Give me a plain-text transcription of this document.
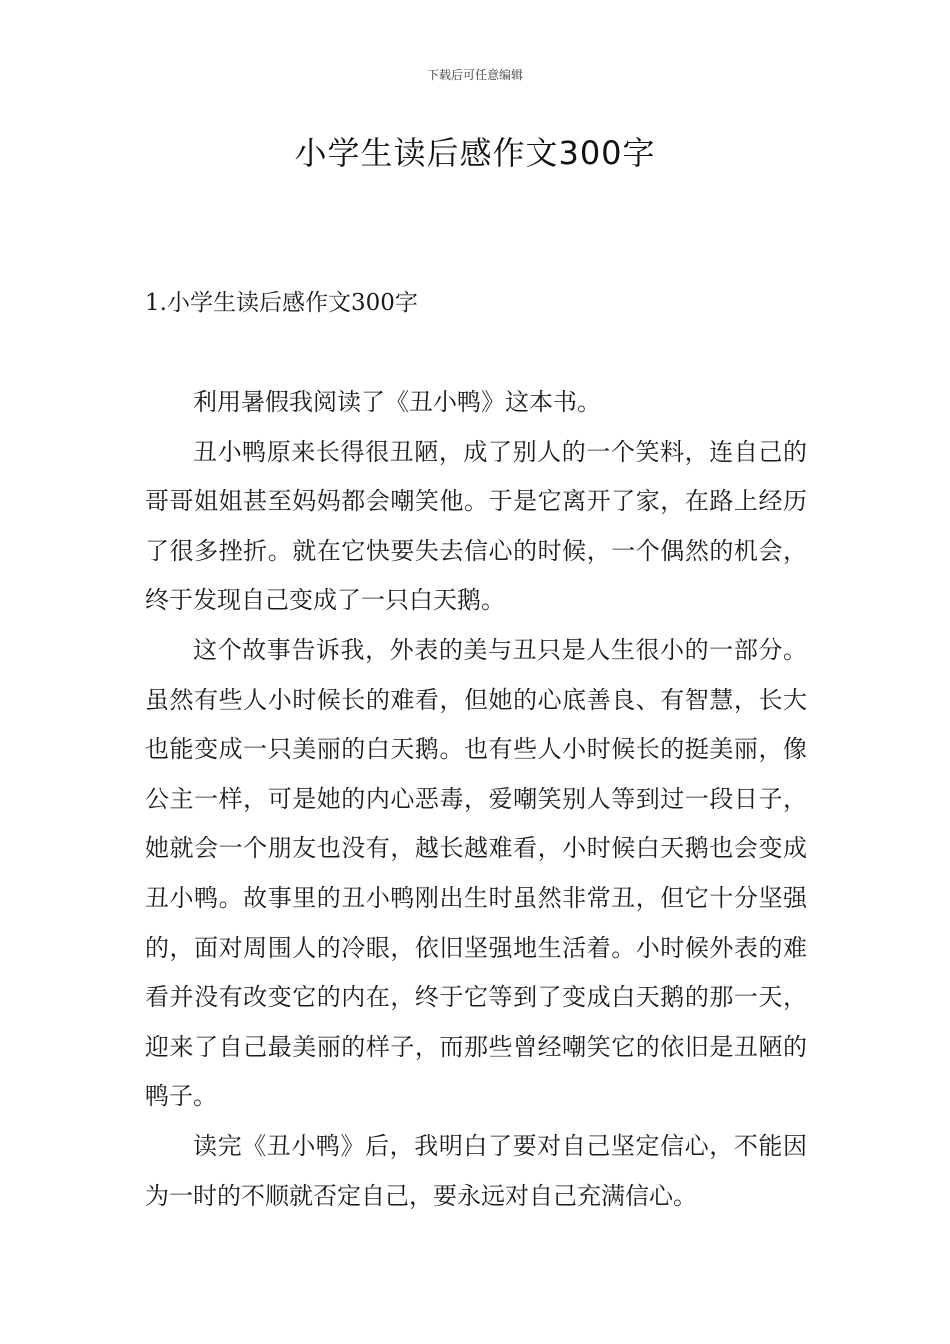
下载后可任意编辑
小学生读后感作文300字
1.小学生读后感作文300字

利用暑假我阅读了《丑小鸭》这本书。

丑小鸭原来长得很丑陋，成了别人的一个笑料，连自己的哥哥姐姐甚至妈妈都会嘲笑他。于是它离开了家，在路上经历了很多挫折。就在它快要失去信心的时候，一个偶然的机会，终于发现自己变成了一只白天鹅。

这个故事告诉我，外表的美与丑只是人生很小的一部分。虽然有些人小时候长的难看，但她的心底善良、有智慧，长大也能变成一只美丽的白天鹅。也有些人小时候长的挺美丽，像公主一样，可是她的内心恶毒，爱嘲笑别人等到过一段日子，她就会一个朋友也没有，越长越难看，小时候白天鹅也会变成丑小鸭。故事里的丑小鸭刚出生时虽然非常丑，但它十分坚强的，面对周围人的冷眼，依旧坚强地生活着。小时候外表的难看并没有改变它的内在，终于它等到了变成白天鹅的那一天，迎来了自己最美丽的样子，而那些曾经嘲笑它的依旧是丑陋的鸭子。

读完《丑小鸭》后，我明白了要对自己坚定信心，不能因为一时的不顺就否定自己，要永远对自己充满信心。
